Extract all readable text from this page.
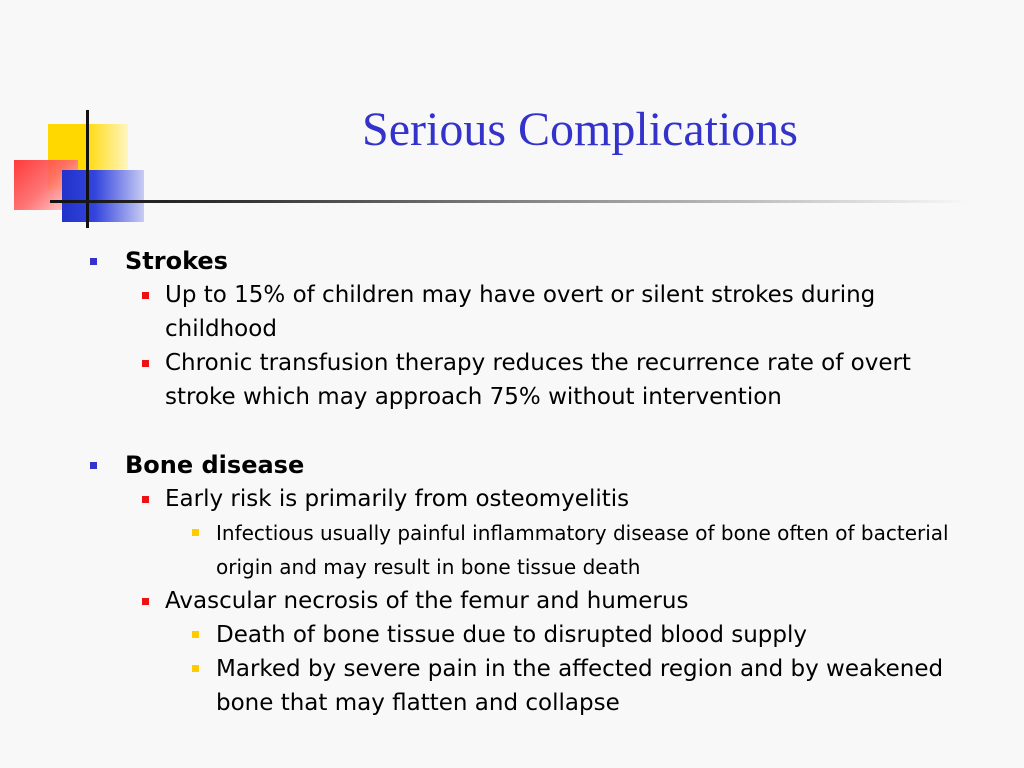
Serious Complications
Strokes
Up to 15% of children may have overt or silent strokes during childhood
Chronic transfusion therapy reduces the recurrence rate of overt stroke which may approach 75% without intervention
Bone disease
Early risk is primarily from osteomyelitis
Infectious usually painful inflammatory disease of bone often of bacterial origin and may result in bone tissue death
Avascular necrosis of the femur and humerus
Death of bone tissue due to disrupted blood supply
Marked by severe pain in the affected region and by weakened bone that may flatten and collapse
